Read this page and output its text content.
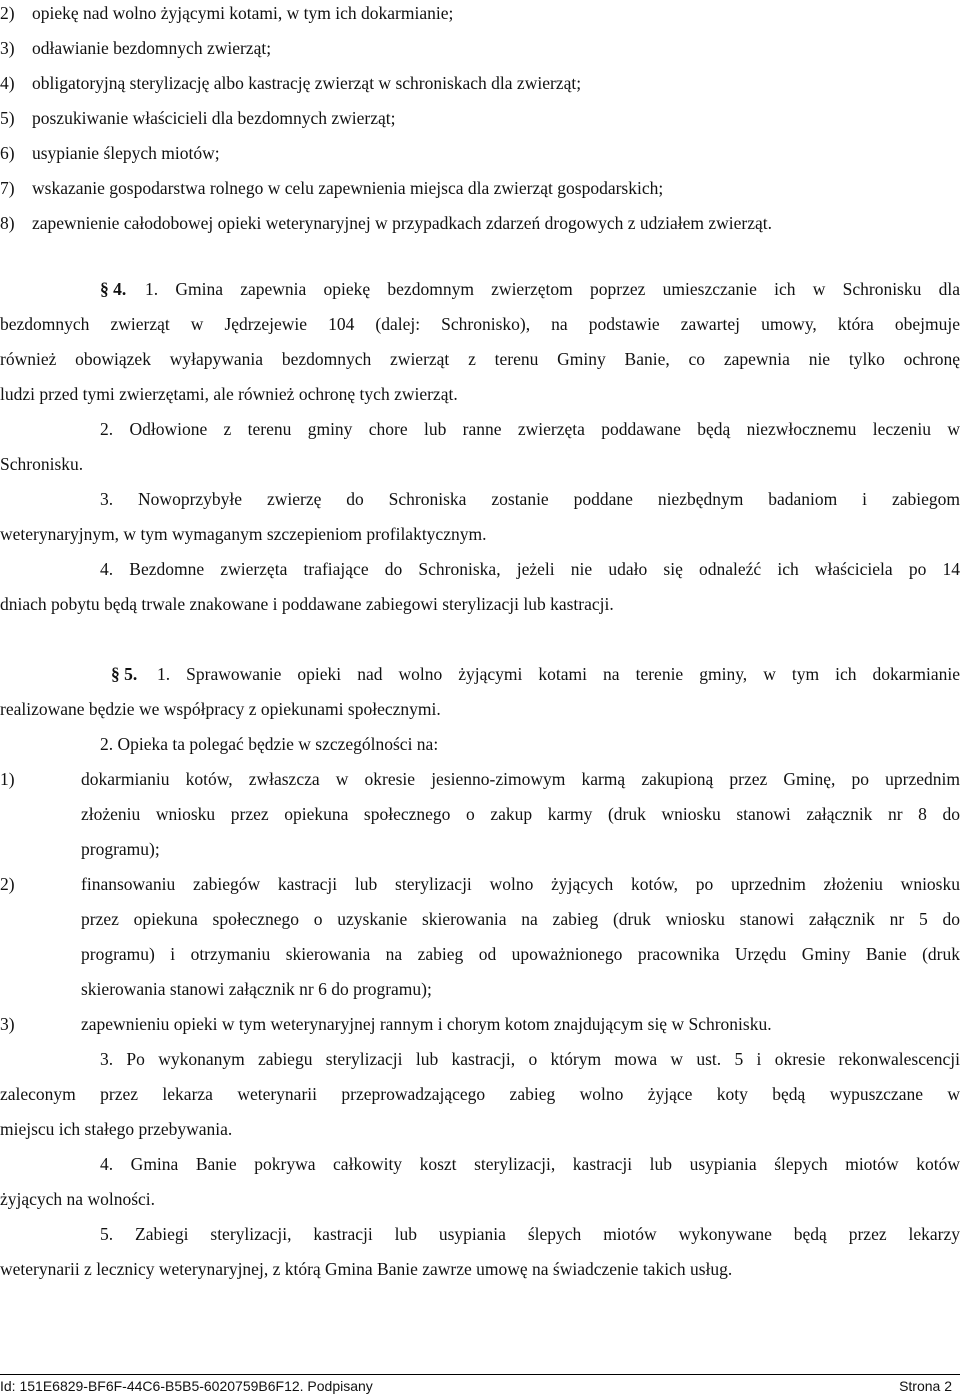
2) opiekę nad wolno żyjącymi kotami, w tym ich dokarmianie;
3) odławianie bezdomnych zwierząt;
4) obligatoryjną sterylizację albo kastrację zwierząt w schroniskach dla zwierząt;
5) poszukiwanie właścicieli dla bezdomnych zwierząt;
6) usypianie ślepych miotów;
7) wskazanie gospodarstwa rolnego w celu zapewnienia miejsca dla zwierząt gospodarskich;
8) zapewnienie całodobowej opieki weterynaryjnej w przypadkach zdarzeń drogowych z udziałem zwierząt.
§ 4. 1. Gmina zapewnia opiekę bezdomnym zwierzętom poprzez umieszczanie ich w Schronisku dla
bezdomnych zwierząt w Jędrzejewie 104 (dalej: Schronisko), na podstawie zawartej umowy, która obejmuje
również obowiązek wyłapywania bezdomnych zwierząt z terenu Gminy Banie, co zapewnia nie tylko ochronę
ludzi przed tymi zwierzętami, ale również ochronę tych zwierząt.
2. Odłowione z terenu gminy chore lub ranne zwierzęta poddawane będą niezwłocznemu leczeniu w
Schronisku.
3. Nowoprzybyłe zwierzę do Schroniska zostanie poddane niezbędnym badaniom i zabiegom
weterynaryjnym, w tym wymaganym szczepieniom profilaktycznym.
4. Bezdomne zwierzęta trafiające do Schroniska, jeżeli nie udało się odnaleźć ich właściciela po 14
dniach pobytu będą trwale znakowane i poddawane zabiegowi sterylizacji lub kastracji.
§ 5. 1. Sprawowanie opieki nad wolno żyjącymi kotami na terenie gminy, w tym ich dokarmianie
realizowane będzie we współpracy z opiekunami społecznymi.
2. Opieka ta polegać będzie w szczególności na:
1)	dokarmianiu kotów, zwłaszcza w okresie jesienno-zimowym karmą zakupioną przez Gminę, po uprzednim
złożeniu wniosku przez opiekuna społecznego o zakup karmy (druk wniosku stanowi załącznik nr 8 do
programu);
2)	finansowaniu zabiegów kastracji lub sterylizacji wolno żyjących kotów, po uprzednim złożeniu wniosku
przez opiekuna społecznego o uzyskanie skierowania na zabieg (druk wniosku stanowi załącznik nr 5 do
programu) i otrzymaniu skierowania na zabieg od upoważnionego pracownika Urzędu Gminy Banie (druk
skierowania stanowi załącznik nr 6 do programu);
3)	zapewnieniu opieki w tym weterynaryjnej rannym i chorym kotom znajdującym się w Schronisku.
3. Po wykonanym zabiegu sterylizacji lub kastracji, o którym mowa w ust. 5 i okresie rekonwalescencji
zaleconym przez lekarza weterynarii przeprowadzającego zabieg wolno żyjące koty będą wypuszczane w
miejscu ich stałego przebywania.
4. Gmina Banie pokrywa całkowity koszt sterylizacji, kastracji lub usypiania ślepych miotów kotów
żyjących na wolności.
5. Zabiegi sterylizacji, kastracji lub usypiania ślepych miotów wykonywane będą przez lekarzy
weterynarii z lecznicy weterynaryjnej, z którą Gmina Banie zawrze umowę na świadczenie takich usług.
Id: 151E6829-BF6F-44C6-B5B5-6020759B6F12. Podpisany	Strona 2
